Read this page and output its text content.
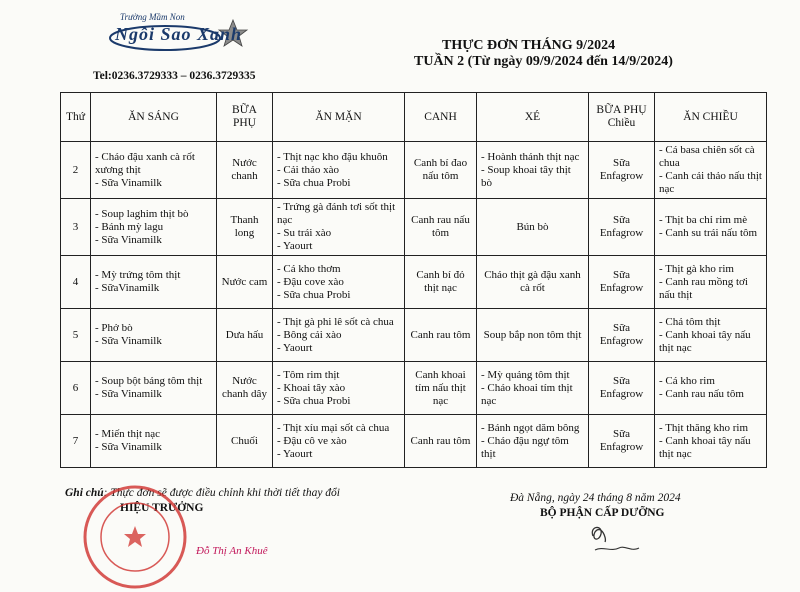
Trường Mầm Non
Ngôi Sao Xanh
Tel:0236.3729333 – 0236.3729335
THỰC ĐƠN THÁNG 9/2024
TUẦN 2 (Từ ngày 09/9/2024 đến 14/9/2024)
Thứ	ĂN SÁNG	BỮA PHỤ	ĂN MẶN	CANH	XÉ	BỮA PHỤ Chiều	ĂN CHIỀU
2	- Cháo đậu xanh cà rốt xương thịt
- Sữa Vinamilk	Nước chanh	- Thịt nạc kho đậu khuôn
- Cải thảo xào
- Sữa chua Probi	Canh bí đao nấu tôm	- Hoành thánh thịt nạc
- Soup khoai tây thịt bò	Sữa Enfagrow	- Cá basa chiên sốt cà chua
- Canh cải thảo nấu thịt nạc

3	- Soup laghim thịt bò
- Bánh mỳ lagu
- Sữa Vinamilk	Thanh long	- Trứng gà đánh tơi sốt thịt nạc
- Su trái xào
- Yaourt	Canh rau nấu tôm	Bún bò	Sữa Enfagrow	- Thịt ba chỉ rim mè
- Canh su trái nấu tôm

4	- Mỳ trứng tôm thịt
- SữaVinamilk	Nước cam	- Cá kho thơm
- Đậu cove xào
- Sữa chua Probi	Canh bí đỏ thịt nạc	Cháo thịt gà đậu xanh cà rốt	Sữa Enfagrow	- Thịt gà kho rim
- Canh rau mồng tơi nấu thịt

5	- Phở bò
- Sữa Vinamilk	Dưa hấu	- Thịt gà phi lê sốt cà chua
- Bông cải xào
- Yaourt	Canh rau tôm	Soup bắp non tôm thịt	Sữa Enfagrow	- Chả tôm thịt
- Canh khoai tây nấu thịt nạc

6	- Soup bột báng tôm thịt
- Sữa Vinamilk	Nước chanh dây	- Tôm rim thịt
- Khoai tây xào
- Sữa chua Probi	Canh khoai tím nấu thịt nạc	- Mỳ quảng tôm thịt
- Cháo khoai tím thịt nạc	Sữa Enfagrow	- Cá kho rim
- Canh rau nấu tôm

7	- Miến thịt nạc
- Sữa Vinamilk	Chuối	- Thịt xíu mại sốt cà chua
- Đậu cô ve xào
- Yaourt	Canh rau tôm	- Bánh ngọt dăm bông
- Cháo đậu ngự tôm thịt	Sữa Enfagrow	- Thịt thăng kho rim
- Canh khoai tây nấu thịt nạc
Ghi chú: Thực đơn sẽ được điều chỉnh khi thời tiết thay đổi
HIỆU TRƯỞNG
Đỗ Thị An Khuê
Đà Nẵng, ngày 24 tháng 8 năm 2024
BỘ PHẬN CẤP DƯỠNG
